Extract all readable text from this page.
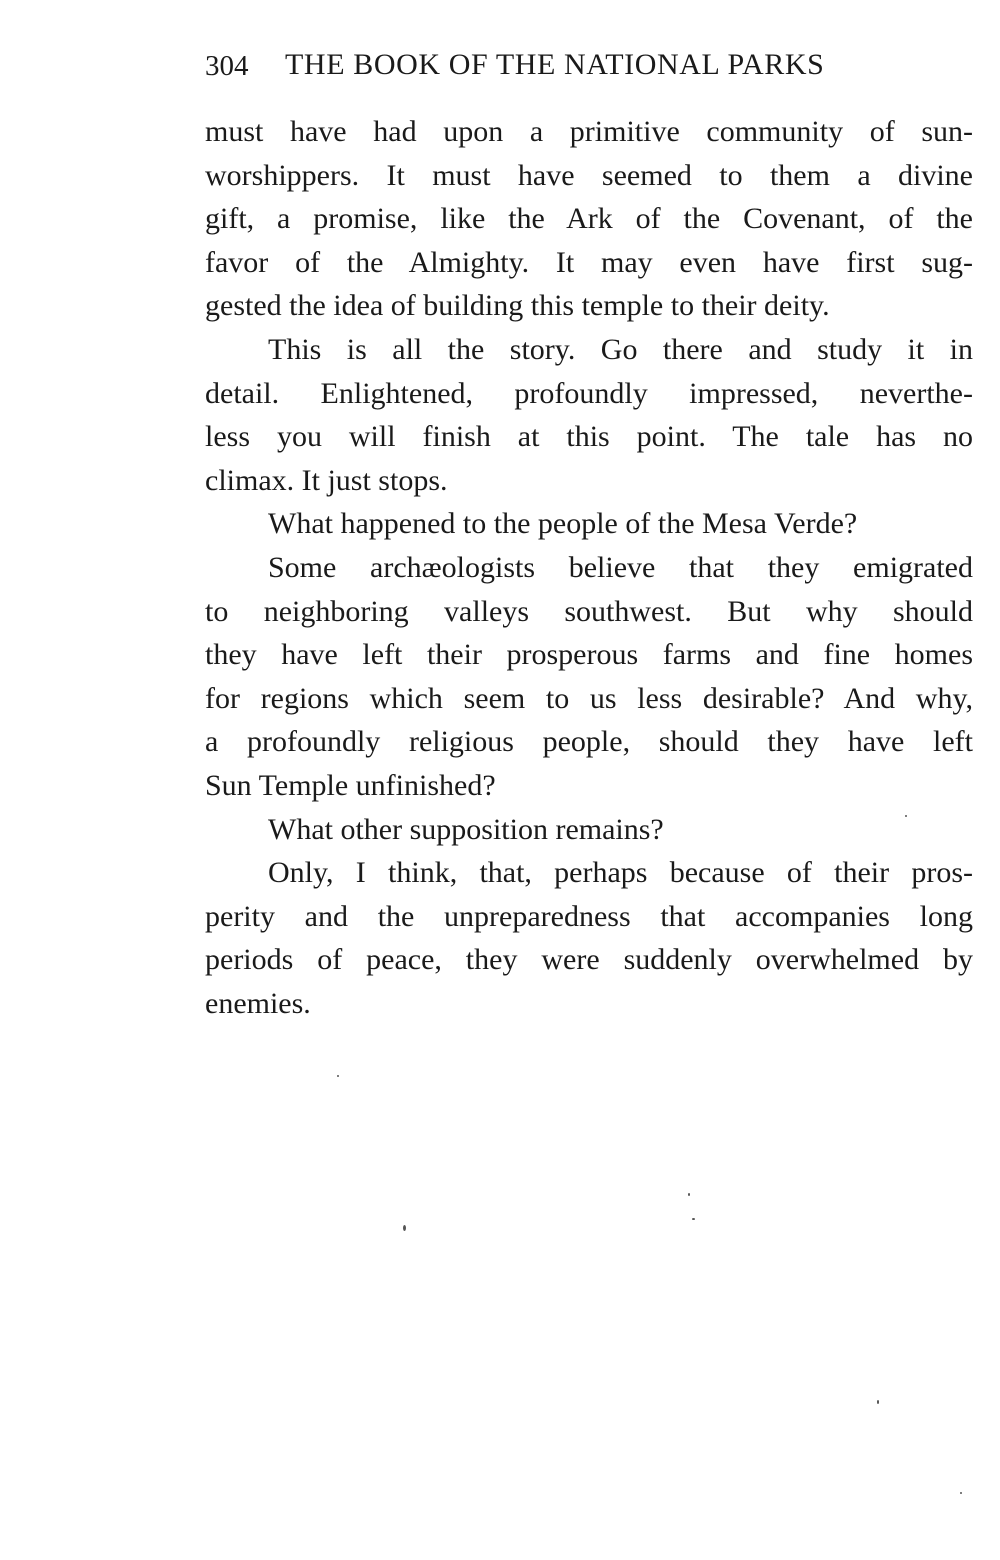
304 THE BOOK OF THE NATIONAL PARKS
must have had upon a primitive community of sun-
worshippers. It must have seemed to them a divine
gift, a promise, like the Ark of the Covenant, of the
favor of the Almighty. It may even have first sug-
gested the idea of building this temple to their deity.
This is all the story. Go there and study it in
detail. Enlightened, profoundly impressed, neverthe-
less you will finish at this point. The tale has no
climax. It just stops.
What happened to the people of the Mesa Verde?
Some archæologists believe that they emigrated
to neighboring valleys southwest. But why should
they have left their prosperous farms and fine homes
for regions which seem to us less desirable? And why,
a profoundly religious people, should they have left
Sun Temple unfinished?
What other supposition remains?
Only, I think, that, perhaps because of their pros-
perity and the unpreparedness that accompanies long
periods of peace, they were suddenly overwhelmed by
enemies.
